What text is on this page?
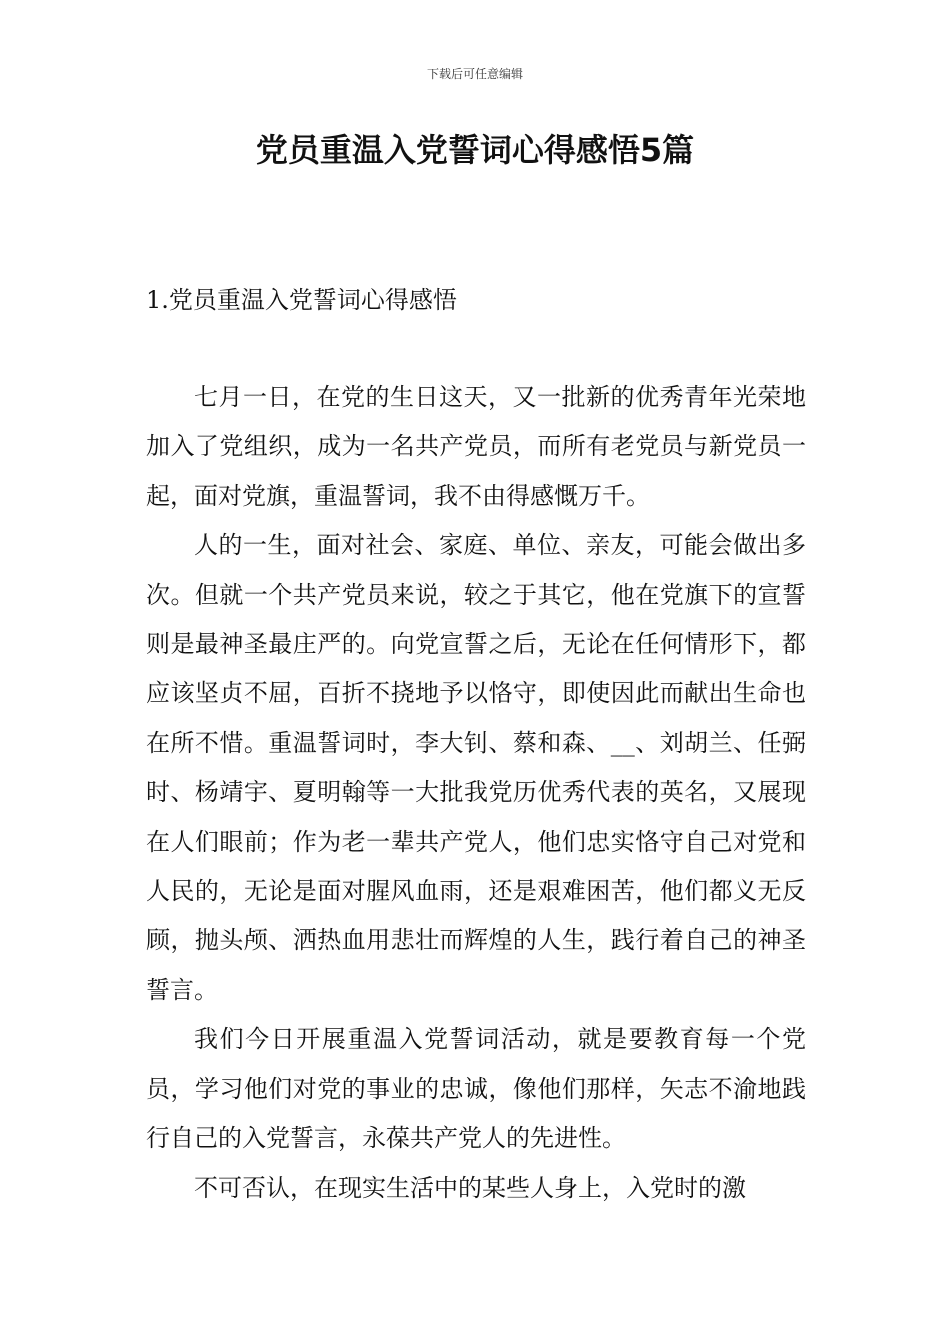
下载后可任意编辑
党员重温入党誓词心得感悟5篇
1.党员重温入党誓词心得感悟

七月一日，在党的生日这天，又一批新的优秀青年光荣地加入了党组织，成为一名共产党员，而所有老党员与新党员一起，面对党旗，重温誓词，我不由得感慨万千。

人的一生，面对社会、家庭、单位、亲友，可能会做出多次。但就一个共产党员来说，较之于其它，他在党旗下的宣誓则是最神圣最庄严的。向党宣誓之后，无论在任何情形下，都应该坚贞不屈，百折不挠地予以恪守，即使因此而献出生命也在所不惜。重温誓词时，李大钊、蔡和森、__、刘胡兰、任弼时、杨靖宇、夏明翰等一大批我党历优秀代表的英名，又展现在人们眼前；作为老一辈共产党人，他们忠实恪守自己对党和人民的，无论是面对腥风血雨，还是艰难困苦，他们都义无反顾，抛头颅、洒热血用悲壮而辉煌的人生，践行着自己的神圣誓言。

我们今日开展重温入党誓词活动，就是要教育每一个党员，学习他们对党的事业的忠诚，像他们那样，矢志不渝地践行自己的入党誓言，永葆共产党人的先进性。

不可否认，在现实生活中的某些人身上，入党时的激
